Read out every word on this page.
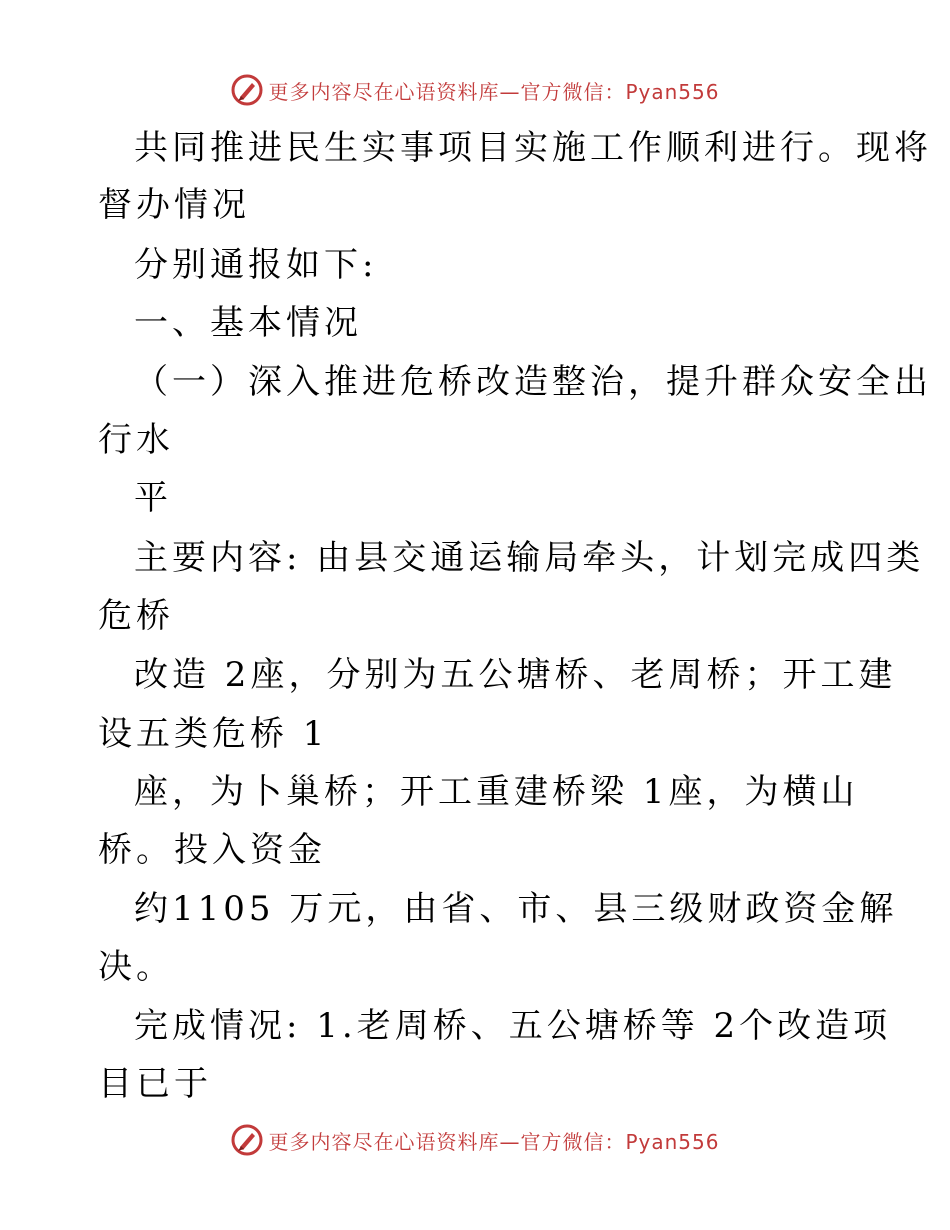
更多内容尽在心语资料库—官方微信：Pyan556
共同推进民生实事项目实施工作顺利进行。现将
督办情况
分别通报如下:
一、基本情况
（一）深入推进危桥改造整治，提升群众安全出
行水
平
主要内容: 由县交通运输局牵头，计划完成四类
危桥
改造 2座，分别为五公塘桥、老周桥；开工建
设五类危桥 1
座，为卜巢桥；开工重建桥梁 1座，为横山
桥。投入资金
约1105 万元，由省、市、县三级财政资金解
决。
完成情况: 1.老周桥、五公塘桥等 2个改造项
目已于
更多内容尽在心语资料库—官方微信：Pyan556
